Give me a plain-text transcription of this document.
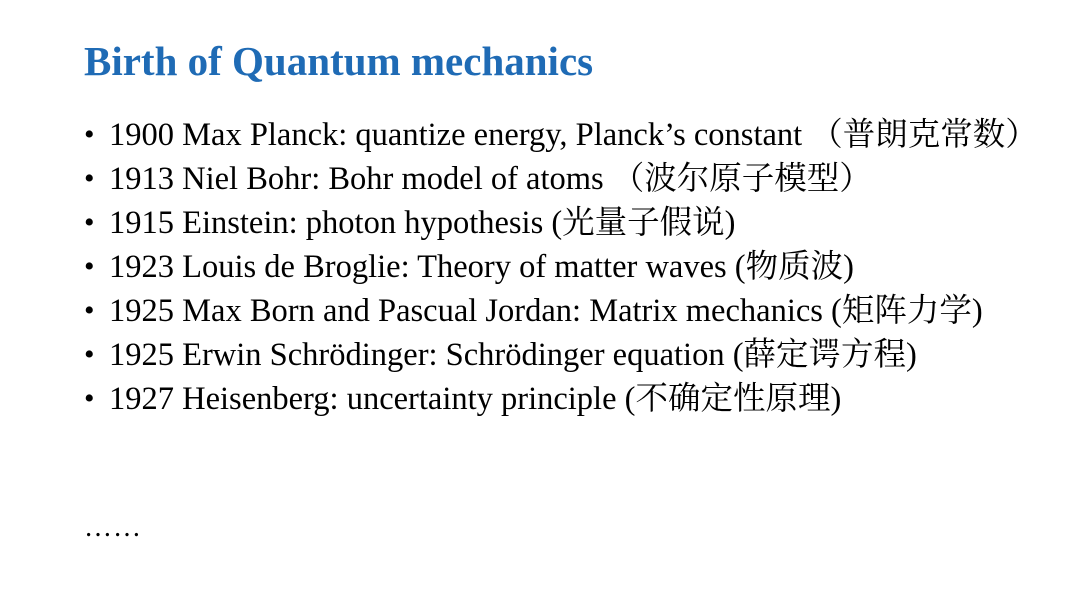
Birth of Quantum mechanics
• 1900 Max Planck: quantize energy, Planck’s constant （普朗克常数）
• 1913 Niel Bohr: Bohr model of atoms （波尔原子模型）
• 1915 Einstein: photon hypothesis (光量子假说)
• 1923 Louis de Broglie: Theory of matter waves (物质波)
• 1925 Max Born and Pascual Jordan: Matrix mechanics (矩阵力学)
• 1925 Erwin Schrödinger: Schrödinger equation (薛定谔方程)
• 1927 Heisenberg: uncertainty principle (不确定性原理)
……
